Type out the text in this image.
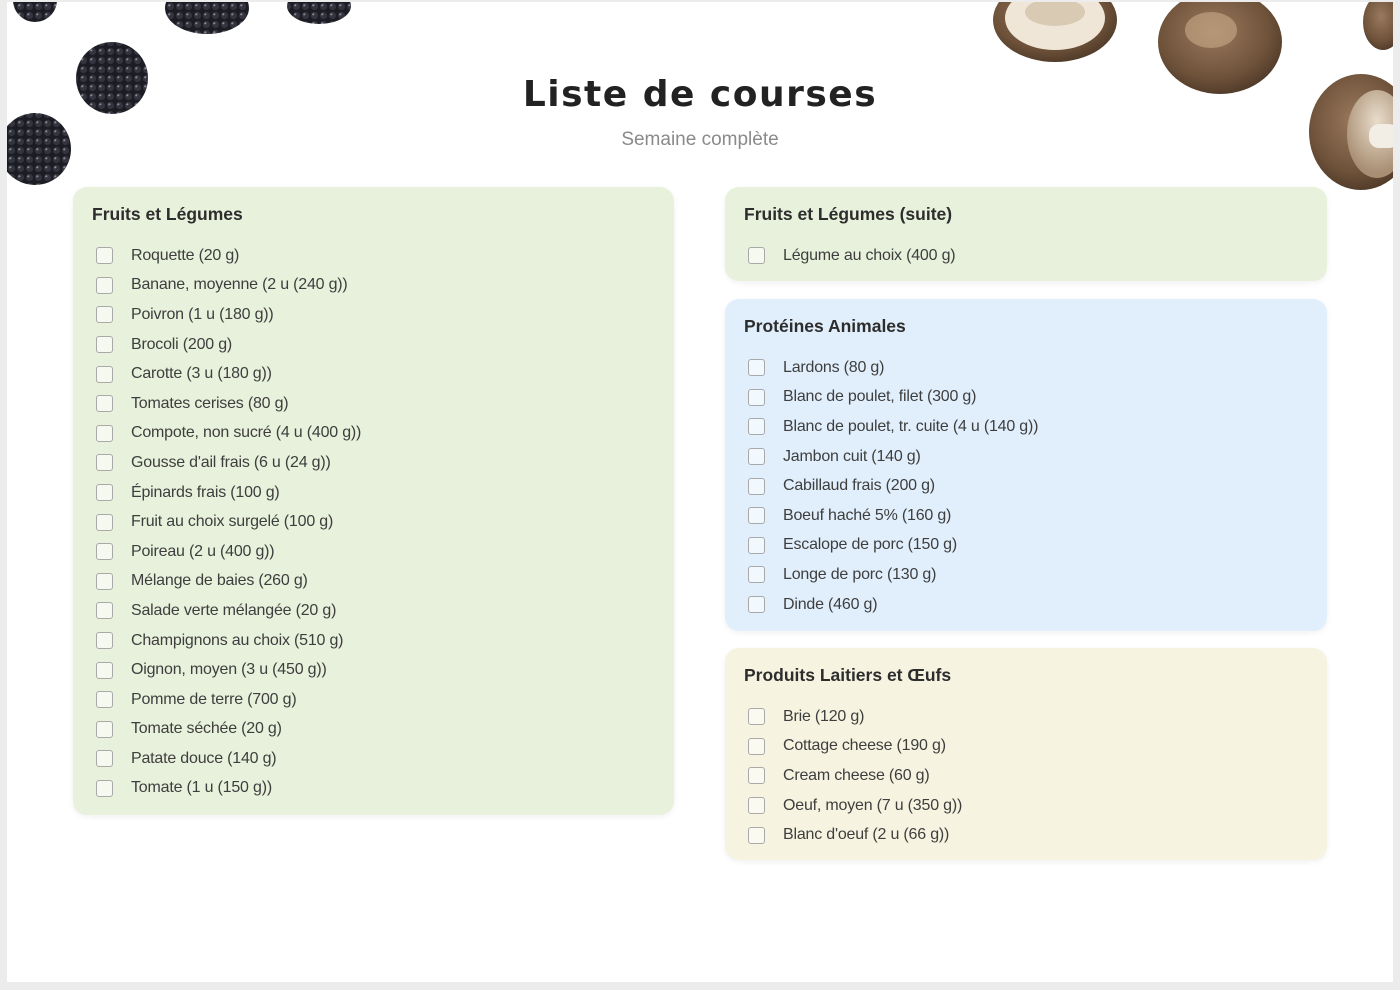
Liste de courses
Semaine complète
Fruits et Légumes
Roquette (20 g)
Banane, moyenne (2 u (240 g))
Poivron (1 u (180 g))
Brocoli (200 g)
Carotte (3 u (180 g))
Tomates cerises (80 g)
Compote, non sucré (4 u (400 g))
Gousse d'ail frais (6 u (24 g))
Épinards frais (100 g)
Fruit au choix surgelé (100 g)
Poireau (2 u (400 g))
Mélange de baies (260 g)
Salade verte mélangée (20 g)
Champignons au choix (510 g)
Oignon, moyen (3 u (450 g))
Pomme de terre (700 g)
Tomate séchée (20 g)
Patate douce (140 g)
Tomate (1 u (150 g))
Fruits et Légumes (suite)
Légume au choix (400 g)
Protéines Animales
Lardons (80 g)
Blanc de poulet, filet (300 g)
Blanc de poulet, tr. cuite (4 u (140 g))
Jambon cuit (140 g)
Cabillaud frais (200 g)
Boeuf haché 5% (160 g)
Escalope de porc (150 g)
Longe de porc (130 g)
Dinde (460 g)
Produits Laitiers et Œufs
Brie (120 g)
Cottage cheese (190 g)
Cream cheese (60 g)
Oeuf, moyen (7 u (350 g))
Blanc d'oeuf (2 u (66 g))
